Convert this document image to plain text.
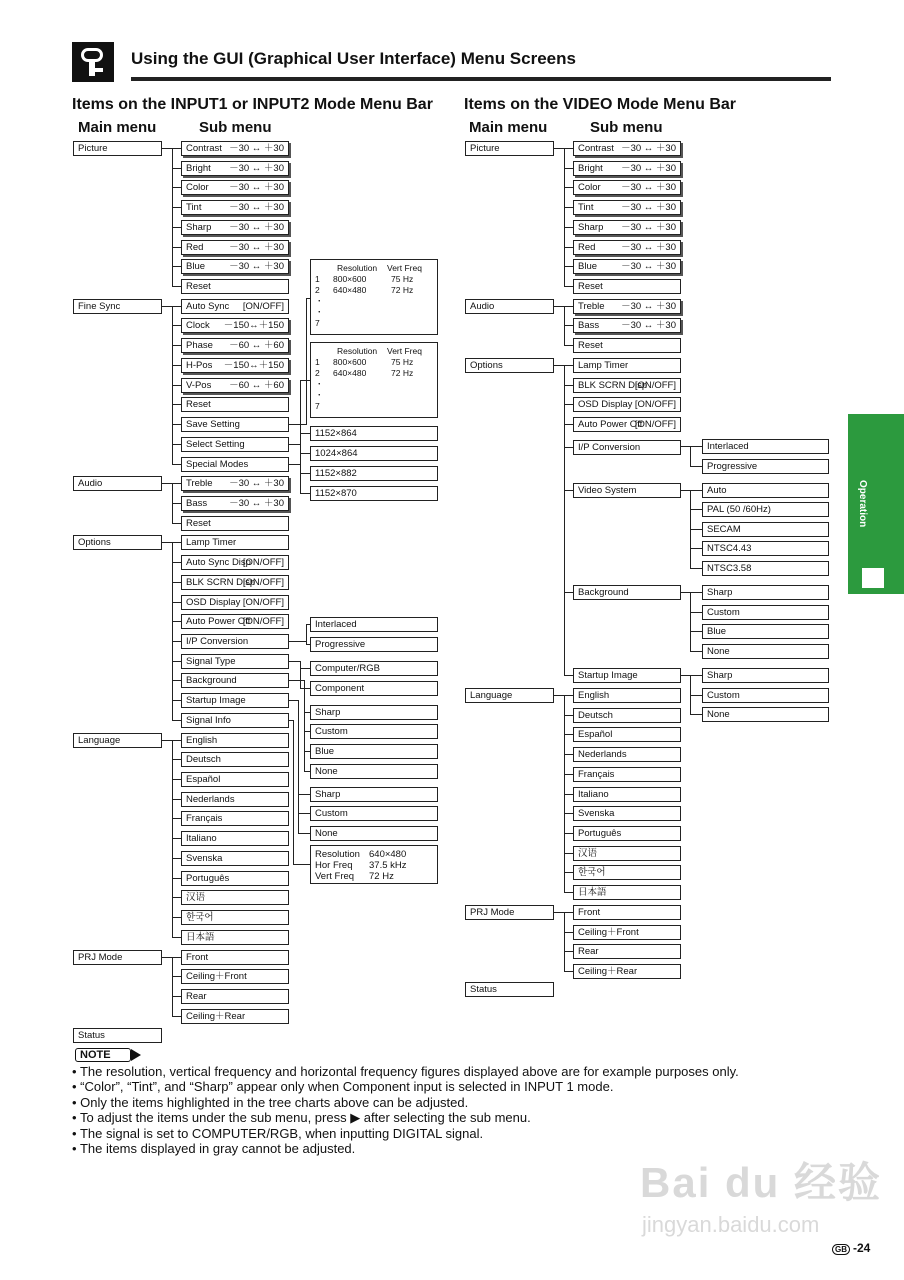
Using the GUI (Graphical User Interface) Menu Screens
Items on the INPUT1 or INPUT2 Mode Menu Bar
Main menu	Sub menu
Items on the VIDEO Mode Menu Bar
Main menu	Sub menu
Picture
Fine Sync
Audio
Options
Language
PRJ Mode
Status
Contrast －30 ↔ ＋30
Bright －30 ↔ ＋30
Color －30 ↔ ＋30
Tint	－30 ↔ ＋30
Sharp －30 ↔ ＋30
Red	－30 ↔ ＋30
Blue	－30 ↔ ＋30
Reset
Auto Sync [ON/OFF]
Clock －150↔＋150
Phase －60 ↔ ＋60
H-Pos －150↔＋150
V-Pos －60 ↔ ＋60
Reset
Save Setting
Select Setting
Special Modes
Treble －30 ↔ ＋30
Bass －30 ↔ ＋30
Reset
Lamp Timer
Auto Sync Disp
[ON/OFF]
BLK SCRN Disp
[ON/OFF]
OSD Display [ON/OFF]
Auto Power Off
[ON/OFF]
I/P Conversion
Signal Type
Background
Startup Image
Signal Info
English
Deutsch
Español
Nederlands
Français
Italiano
Svenska
Português
汉语
한국어
日本語
Front
Ceiling＋Front
Rear
Ceiling＋Rear
Resolution Vert Freq
1 800×600	75 Hz
2 640×480	72 Hz
・
・
7
Resolution Vert Freq
1 800×600	75 Hz
2 640×480	72 Hz
・
・
7
1152×864
1024×864
1152×882
1152×870
Interlaced
Progressive
Computer/RGB
Component
Sharp
Custom
Blue
None
Sharp
Custom
None
Resolution 640×480
Hor Freq 37.5 kHz
Vert Freq 72 Hz
Picture
Audio
Options
Language
PRJ Mode
Status
Contrast －30 ↔ ＋30
Bright －30 ↔ ＋30
Color －30 ↔ ＋30
Tint	－30 ↔ ＋30
Sharp －30 ↔ ＋30
Red	－30 ↔ ＋30
Blue	－30 ↔ ＋30
Reset
Treble －30 ↔ ＋30
Bass －30 ↔ ＋30
Reset
Lamp Timer
BLK SCRN Disp
[ON/OFF]
OSD Display [ON/OFF]
Auto Power Off
[ON/OFF]
I/P Conversion
Video System
Background
Startup Image
English
Deutsch
Español
Nederlands
Français
Italiano
Svenska
Português
汉语
한국어
日本語
Front
Ceiling＋Front
Rear
Ceiling＋Rear
Interlaced
Progressive
Auto
PAL (50 /60Hz)
SECAM
NTSC4.43
NTSC3.58
Sharp
Custom
Blue
None
Sharp
Custom
None
Operation
NOTE
• The resolution, vertical frequency and horizontal frequency figures displayed above are for example purposes only.
• “Color”, “Tint”, and “Sharp” appear only when Component input is selected in INPUT 1 mode.
• Only the items highlighted in the tree charts above can be adjusted.
• To adjust the items under the sub menu, press ▶ after selecting the sub menu.
• The signal is set to COMPUTER/RGB, when inputting DIGITAL signal.
• The items displayed in gray cannot be adjusted.
Bai du 经验
jingyan.baidu.com
GB -24
